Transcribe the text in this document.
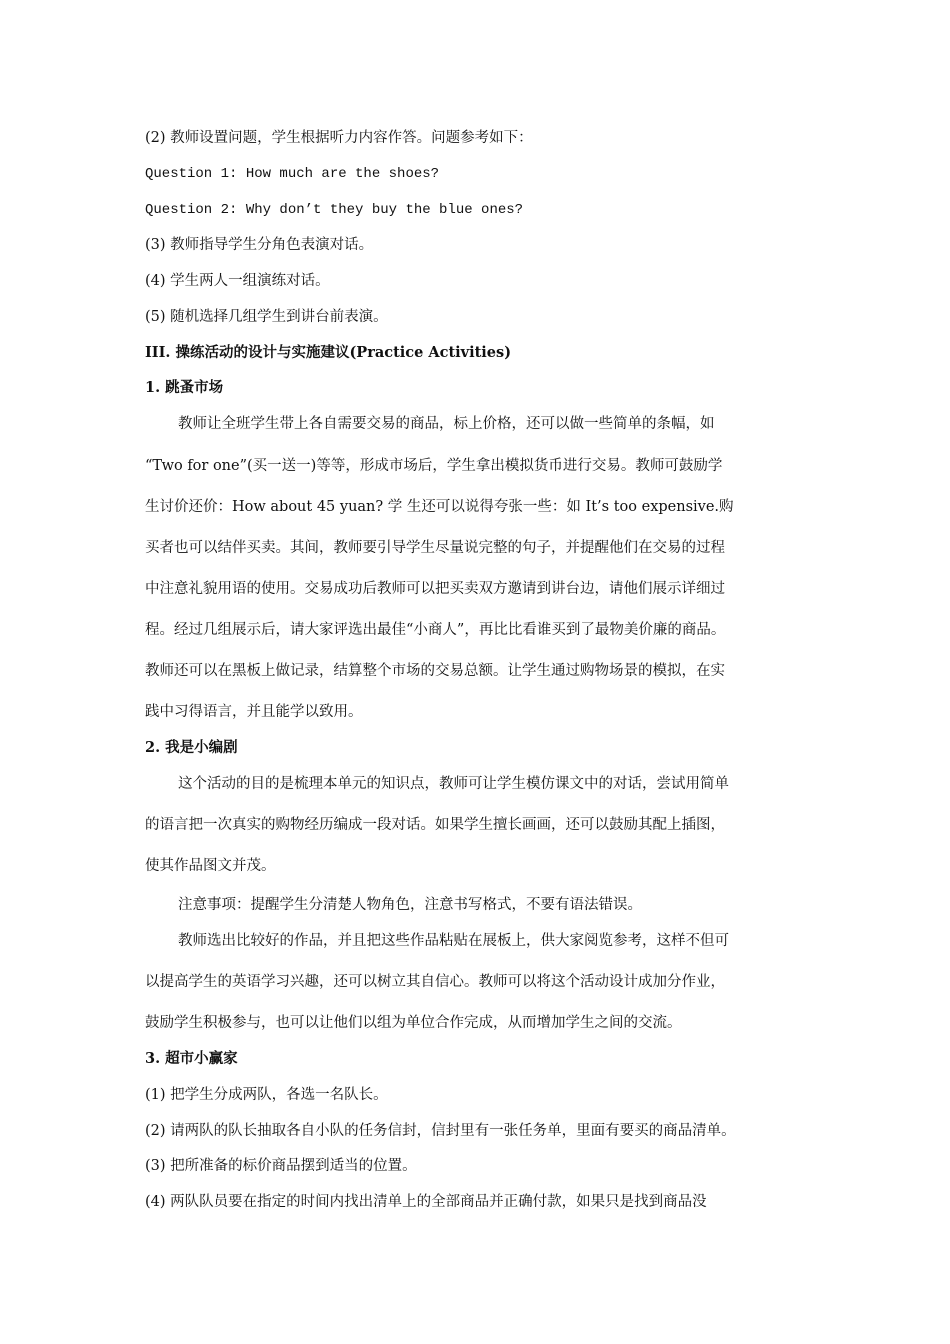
(2) 教师设置问题，学生根据听力内容作答。问题参考如下：
Question 1: How much are the shoes?
Question 2: Why don’t they buy the blue ones?
(3) 教师指导学生分角色表演对话。
(4) 学生两人一组演练对话。
(5) 随机选择几组学生到讲台前表演。
III. 操练活动的设计与实施建议(Practice Activities)
1. 跳蚤市场
教师让全班学生带上各自需要交易的商品，标上价格，还可以做一些简单的条幅，如
“Two for one”(买一送一)等等，形成市场后，学生拿出模拟货币进行交易。教师可鼓励学
生讨价还价：How about 45 yuan? 学 生还可以说得夸张一些：如 It’s too expensive.购
买者也可以结伴买卖。其间，教师要引导学生尽量说完整的句子，并提醒他们在交易的过程
中注意礼貌用语的使用。交易成功后教师可以把买卖双方邀请到讲台边，请他们展示详细过
程。经过几组展示后，请大家评选出最佳“小商人”，再比比看谁买到了最物美价廉的商品。
教师还可以在黑板上做记录，结算整个市场的交易总额。让学生通过购物场景的模拟，在实
践中习得语言，并且能学以致用。
2. 我是小编剧
这个活动的目的是梳理本单元的知识点，教师可让学生模仿课文中的对话，尝试用简单
的语言把一次真实的购物经历编成一段对话。如果学生擅长画画，还可以鼓励其配上插图，
使其作品图文并茂。
注意事项：提醒学生分清楚人物角色，注意书写格式，不要有语法错误。
教师选出比较好的作品，并且把这些作品粘贴在展板上，供大家阅览参考，这样不但可
以提高学生的英语学习兴趣，还可以树立其自信心。教师可以将这个活动设计成加分作业，
鼓励学生积极参与，也可以让他们以组为单位合作完成，从而增加学生之间的交流。
3. 超市小赢家
(1) 把学生分成两队，各选一名队长。
(2) 请两队的队长抽取各自小队的任务信封，信封里有一张任务单，里面有要买的商品清单。
(3) 把所准备的标价商品摆到适当的位置。
(4) 两队队员要在指定的时间内找出清单上的全部商品并正确付款，如果只是找到商品没
